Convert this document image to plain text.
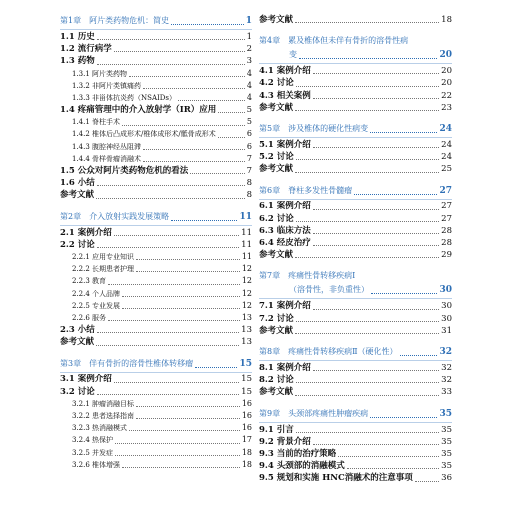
第1章 阿片类药物危机：简史	1
1.1 历史	1
1.2 流行病学	2
1.3 药物	3
1.3.1 阿片类药物	4
1.3.2 非阿片类镇痛药	4
1.3.3 非甾体抗炎药（NSAIDs）	4
1.4 疼痛管理中的介入放射学（IR）应用	5
1.4.1 脊柱手术	5
1.4.2 椎体后凸成形术/椎体成形术/骶骨成形术	6
1.4.3 腹腔神经丛阻滞	6
1.4.4 骨样骨瘤消融术	7
1.5 公众对阿片类药物危机的看法	7
1.6 小结	8
参考文献	8
第2章 介入放射实践发展策略	11
2.1 案例介绍	11
2.2 讨论	11
2.2.1 应用专业知识	11
2.2.2 长期患者护理	12
2.2.3 教育	12
2.2.4 个人品牌	12
2.2.5 专业发展	12
2.2.6 服务	13
2.3 小结	13
参考文献	13
第3章 伴有骨折的溶骨性椎体转移瘤	15
3.1 案例介绍	15
3.2 讨论	15
3.2.1 肿瘤消融目标	16
3.2.2 患者选择指南	16
3.2.3 热消融模式	16
3.2.4 热保护	17
3.2.5 并发症	18
3.2.6 椎体增强	18
参考文献	18
第4章 累及椎体但未伴有骨折的溶骨性病
变	20
4.1 案例介绍	20
4.2 讨论	20
4.3 相关案例	22
参考文献	23
第5章 涉及椎体的硬化性病变	24
5.1 案例介绍	24
5.2 讨论	24
参考文献	25
第6章 脊柱多发性骨髓瘤	27
6.1 案例介绍	27
6.2 讨论	27
6.3 临床方法	28
6.4 经皮治疗	28
参考文献	29
第7章 疼痛性骨转移疾病Ⅰ
（溶骨性，非负重性）	30
7.1 案例介绍	30
7.2 讨论	30
参考文献	31
第8章 疼痛性骨转移疾病Ⅱ（硬化性）	32
8.1 案例介绍	32
8.2 讨论	32
参考文献	33
第9章 头颈部疼痛性肿瘤疾病	35
9.1 引言	35
9.2 背景介绍	35
9.3 当前的治疗策略	35
9.4 头颈部的消融模式	35
9.5 规划和实施 HNC消融术的注意事项	36
